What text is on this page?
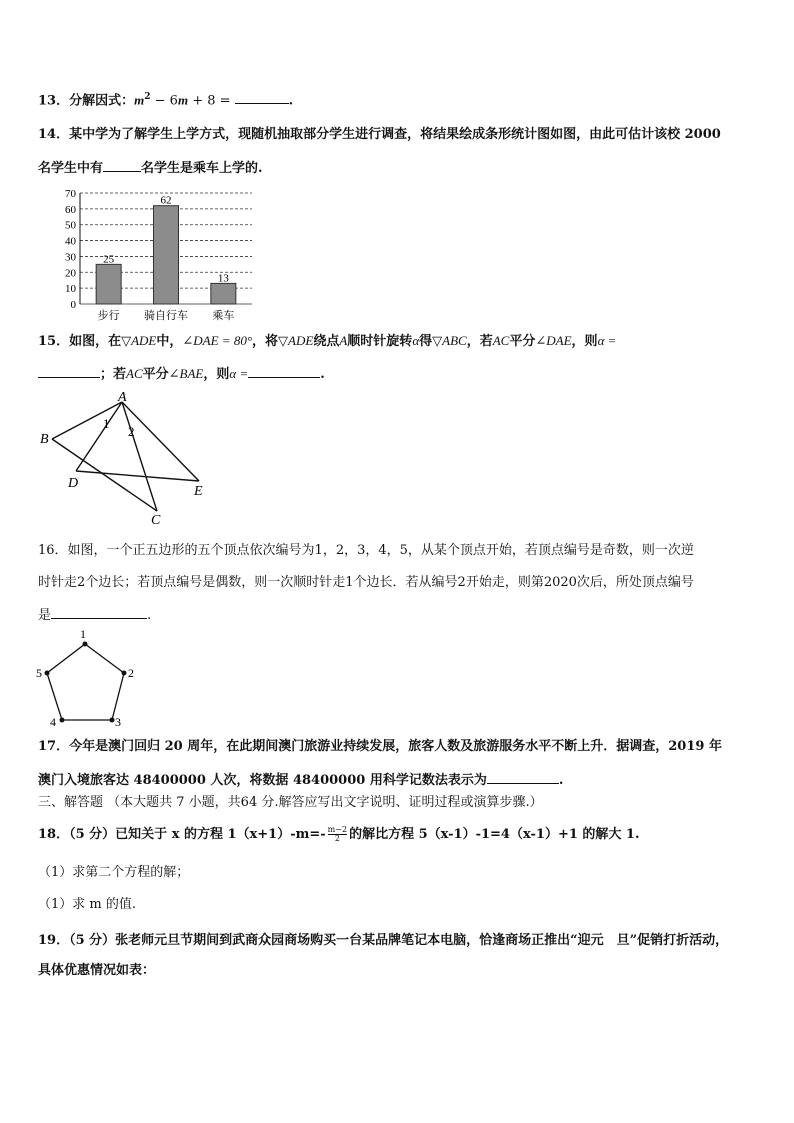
13．分解因式：$m^2 - 6m + 8$ =	.
14．某中学为了解学生上学方式，现随机抽取部分学生进行调查，将结果绘成条形统计图如图，由此可估计该校 2000
名学生中有	名学生是乘车上学的.
0
10
20
30
40
50
60
70
25
62
13
步行 骑自行车 乘车
15．如图，在▽ADE中，∠DAE = 80°，将▽ADE绕点A顺时针旋转α得▽ABC，若AC平分∠DAE，则α =
；若AC平分∠BAE，则α =	.
A
B
D
E
C
1
2
16．如图，一个正五边形的五个顶点依次编号为1，2，3，4，5，从某个顶点开始，若顶点编号是奇数，则一次逆
时针走2个边长；若顶点编号是偶数，则一次顺时针走1个边长．若从编号2开始走，则第2020次后，所处顶点编号
是	.
1
2
3
4
5
17．今年是澳门回归 20 周年，在此期间澳门旅游业持续发展，旅客人数及旅游服务水平不断上升．据调查，2019 年
澳门入境旅客达 48400000 人次，将数据 48400000 用科学记数法表示为	.
三、解答题 （本大题共 7 小题，共64 分.解答应写出文字说明、证明过程或演算步骤.）
18．（5 分）已知关于 x 的方程 $1(x+1)-m=- \frac{m-2}{2}$ 的解比方程 5（x-1）-1=4（x-1）+1 的解大 1.
（1）求第二个方程的解；
（1）求 m 的值.
19．（5 分）张老师元旦节期间到武商众园商场购买一台某品牌笔记本电脑，恰逢商场正推出“迎元　旦”促销打折活动，
具体优惠情况如表：
